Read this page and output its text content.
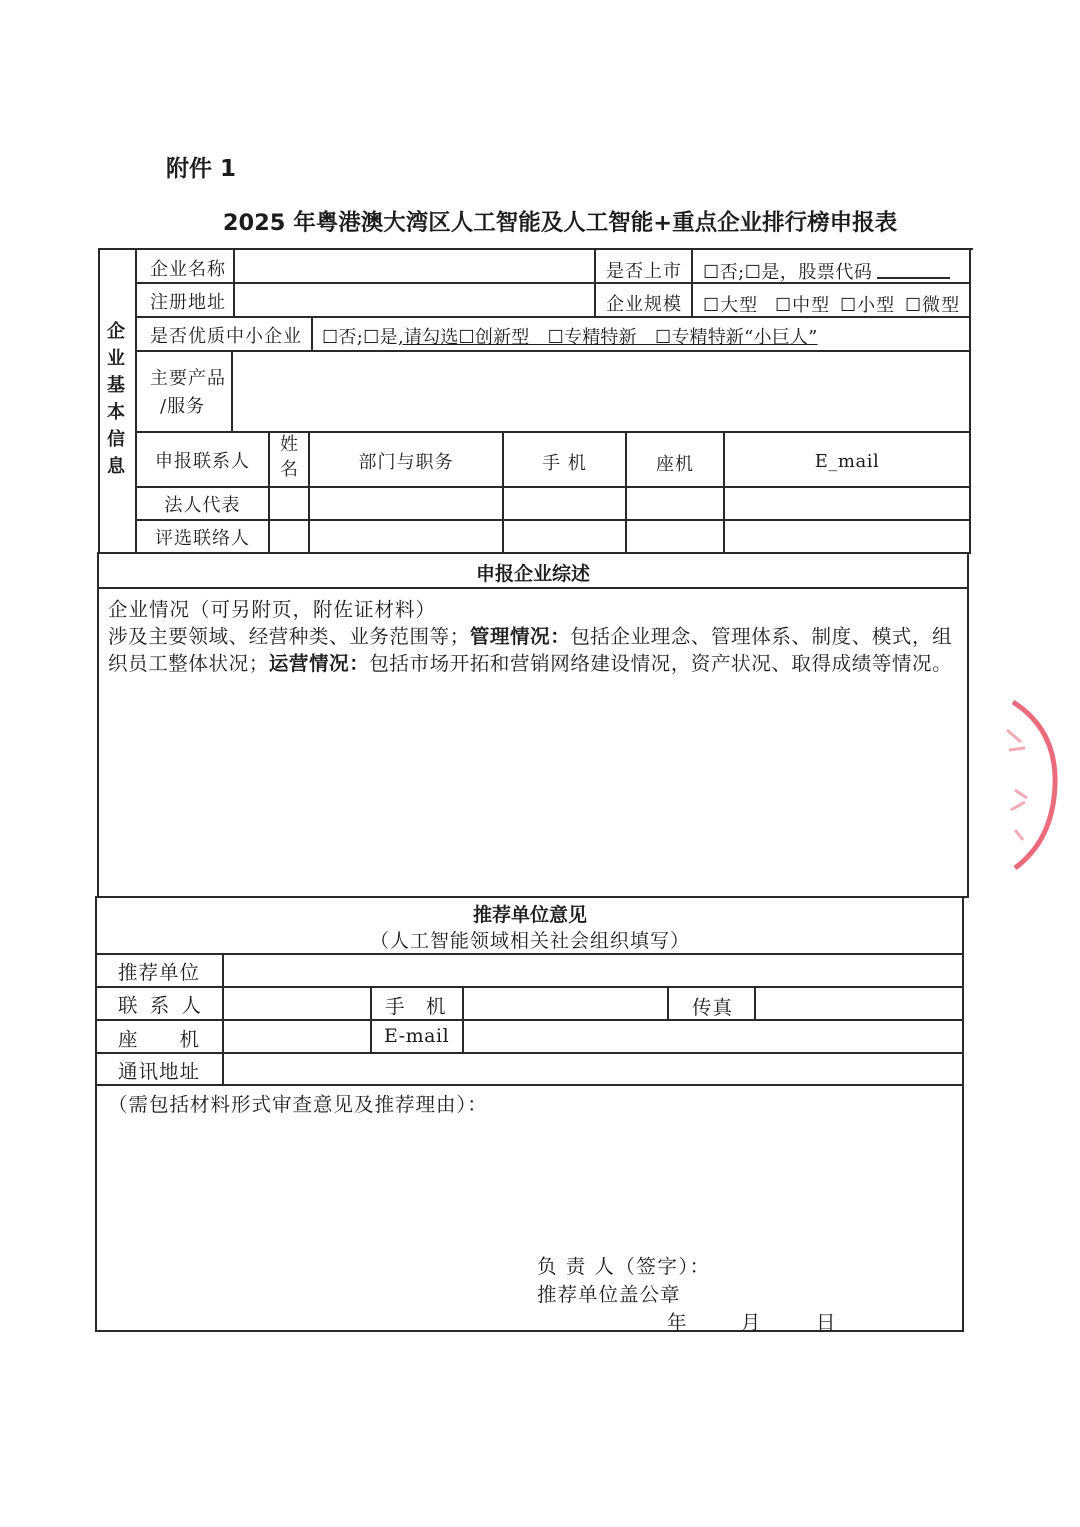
附件 1
2025 年粤港澳大湾区人工智能及人工智能+重点企业排行榜申报表
企业基本信息
企业名称	是否上市 ☐否;☐是，股票代码
注册地址	企业规模 ☐大型 ☐中型 ☐小型 ☐微型
是否优质中小企业 ☐否;☐是 ,请勾选☐创新型　☐专精特新　☐专精特新“小巨人”
主要产品
/服务
申报联系人
姓名	部门与职务	手 机	座机	E_mail
法人代表
评选联络人
申报企业综述
企业情况（可另附页，附佐证材料）
涉及主要领域、经营种类、业务范围等；管理情况：包括企业理念、管理体系、制度、模式，组织员工整体状况；运营情况：包括市场开拓和营销网络建设情况，资产状况、取得成绩等情况。
推荐单位意见
（人工智能领域相关社会组织填写）
推荐单位
联 系 人	手　机	传真
座　　机	E-mail
通讯地址
（需包括材料形式审查意见及推荐理由）：
负 责 人（签字）：
推荐单位盖公章
年	月	日
